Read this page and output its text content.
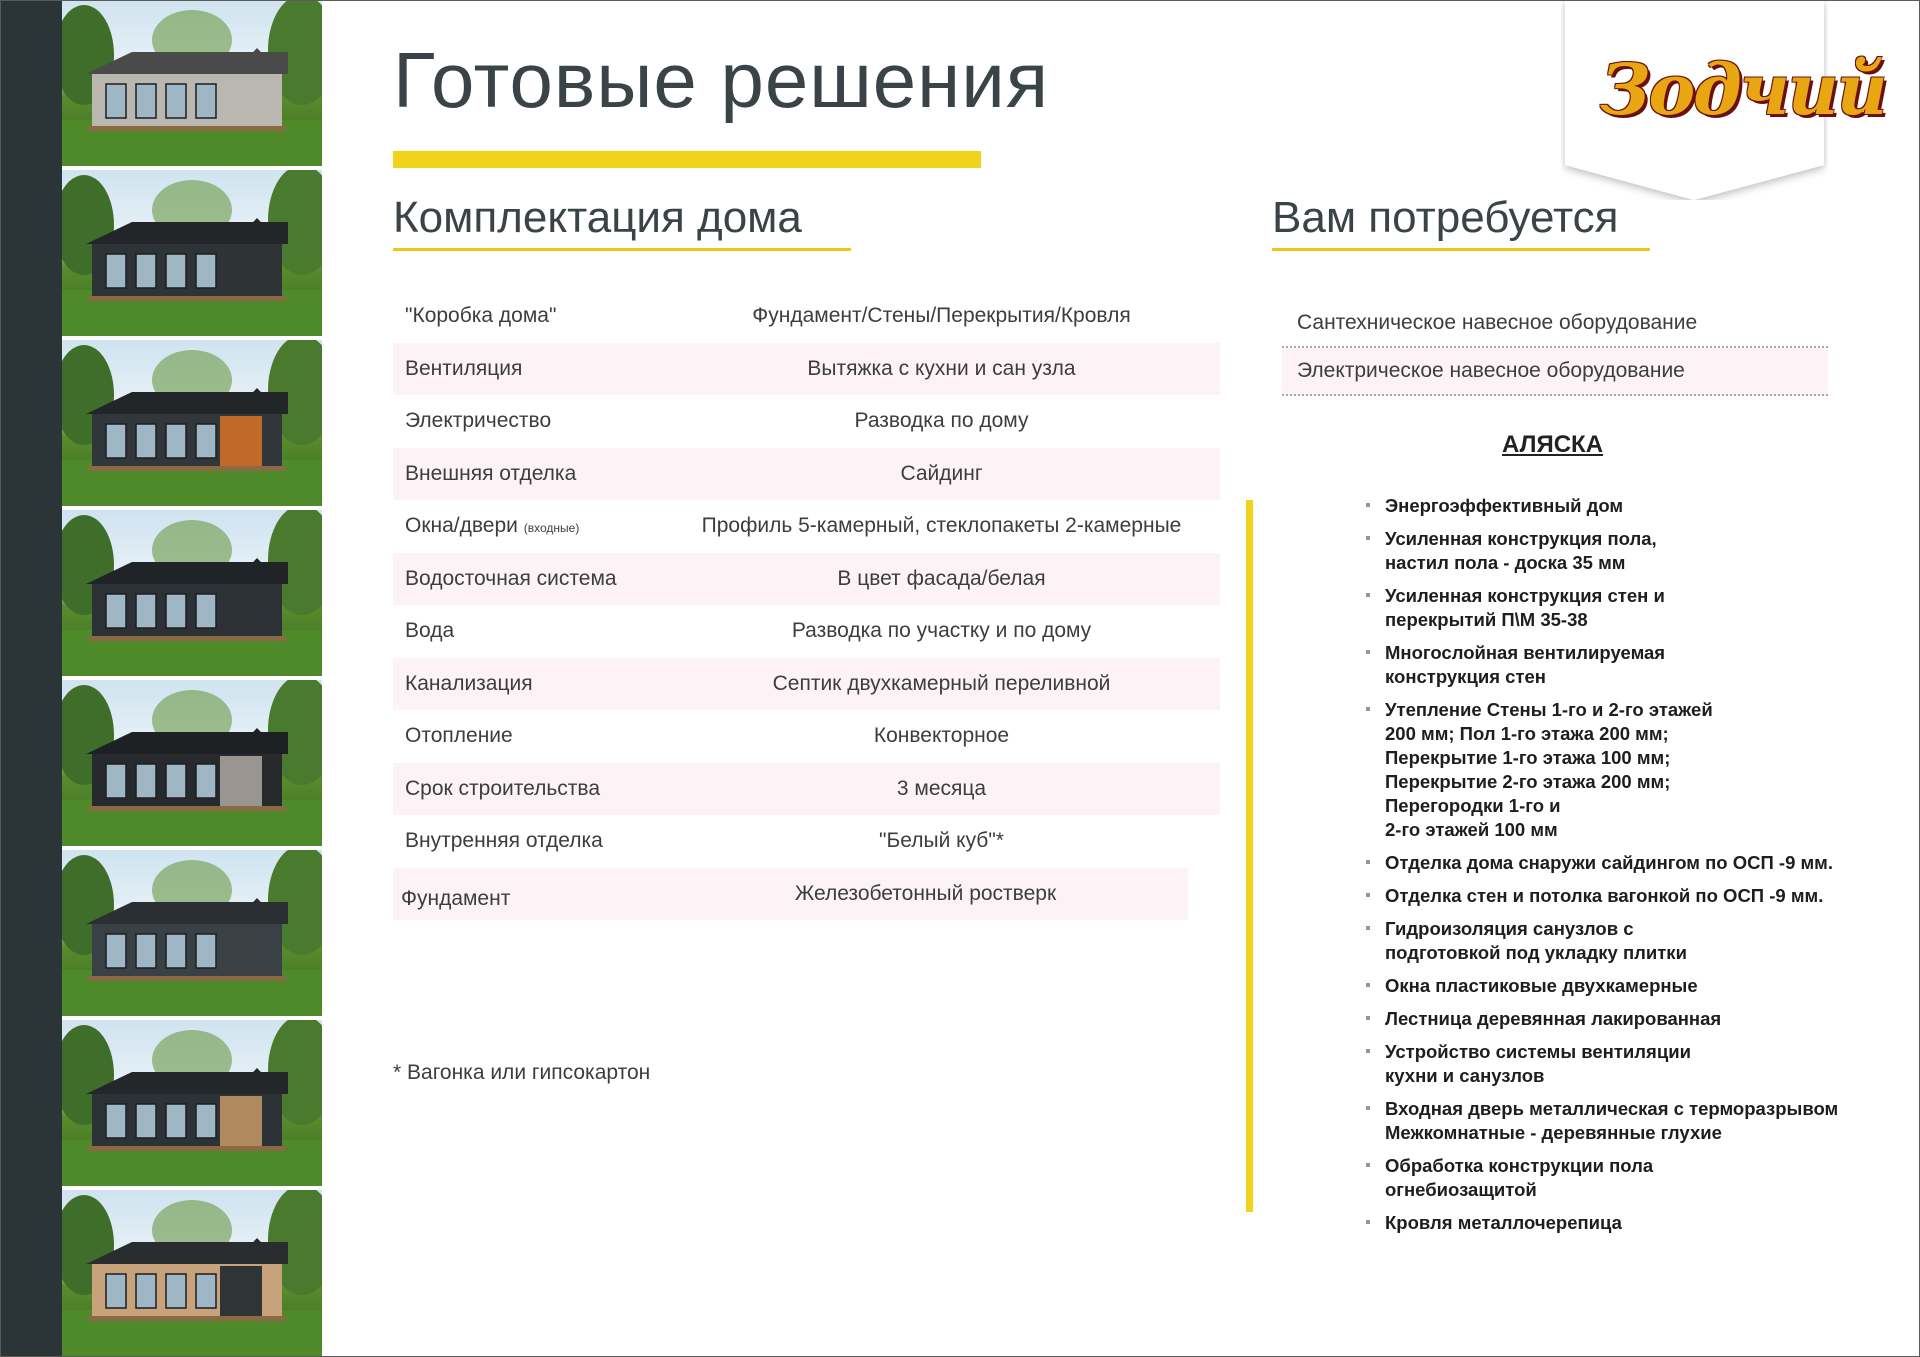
Готовые решения	Зодчий
Комплектация дома
"Коробка дома"	Фундамент/Стены/Перекрытия/Кровля
Вентиляция	Вытяжка с кухни и сан узла
Электричество	Разводка по дому
Внешняя отделка	Сайдинг
Окна/двери (входные)	Профиль 5-камерный, стеклопакеты 2-камерные
Водосточная система	В цвет фасада/белая
Вода	Разводка по участку и по дому
Канализация	Септик двухкамерный переливной
Отопление	Конвекторное
Срок строительства	3 месяца
Внутренняя отделка	"Белый куб"*
Фундамент	Железобетонный ростверк
* Вагонка или гипсокартон
Вам потребуется
Сантехническое навесное оборудование
Электрическое навесное оборудование
АЛЯСКА
Энергоэффективный дом
Усиленная конструкция пола,
настил пола - доска 35 мм
Усиленная конструкция стен и
перекрытий П\М 35-38
Многослойная вентилируемая
конструкция стен
Утепление Стены 1-го и 2-го этажей
200 мм; Пол 1-го этажа 200 мм;
Перекрытие 1-го этажа 100 мм;
Перекрытие 2-го этажа 200 мм;
Перегородки 1-го и
2-го этажей 100 мм
Отделка дома снаружи сайдингом по ОСП -9 мм.
Отделка стен и потолка вагонкой по ОСП -9 мм.
Гидроизоляция санузлов с
подготовкой под укладку плитки
Окна пластиковые двухкамерные
Лестница деревянная лакированная
Устройство системы вентиляции
кухни и санузлов
Входная дверь металлическая с терморазрывом
Межкомнатные - деревянные глухие
Обработка конструкции пола
огнебиозащитой
Кровля металлочерепица
